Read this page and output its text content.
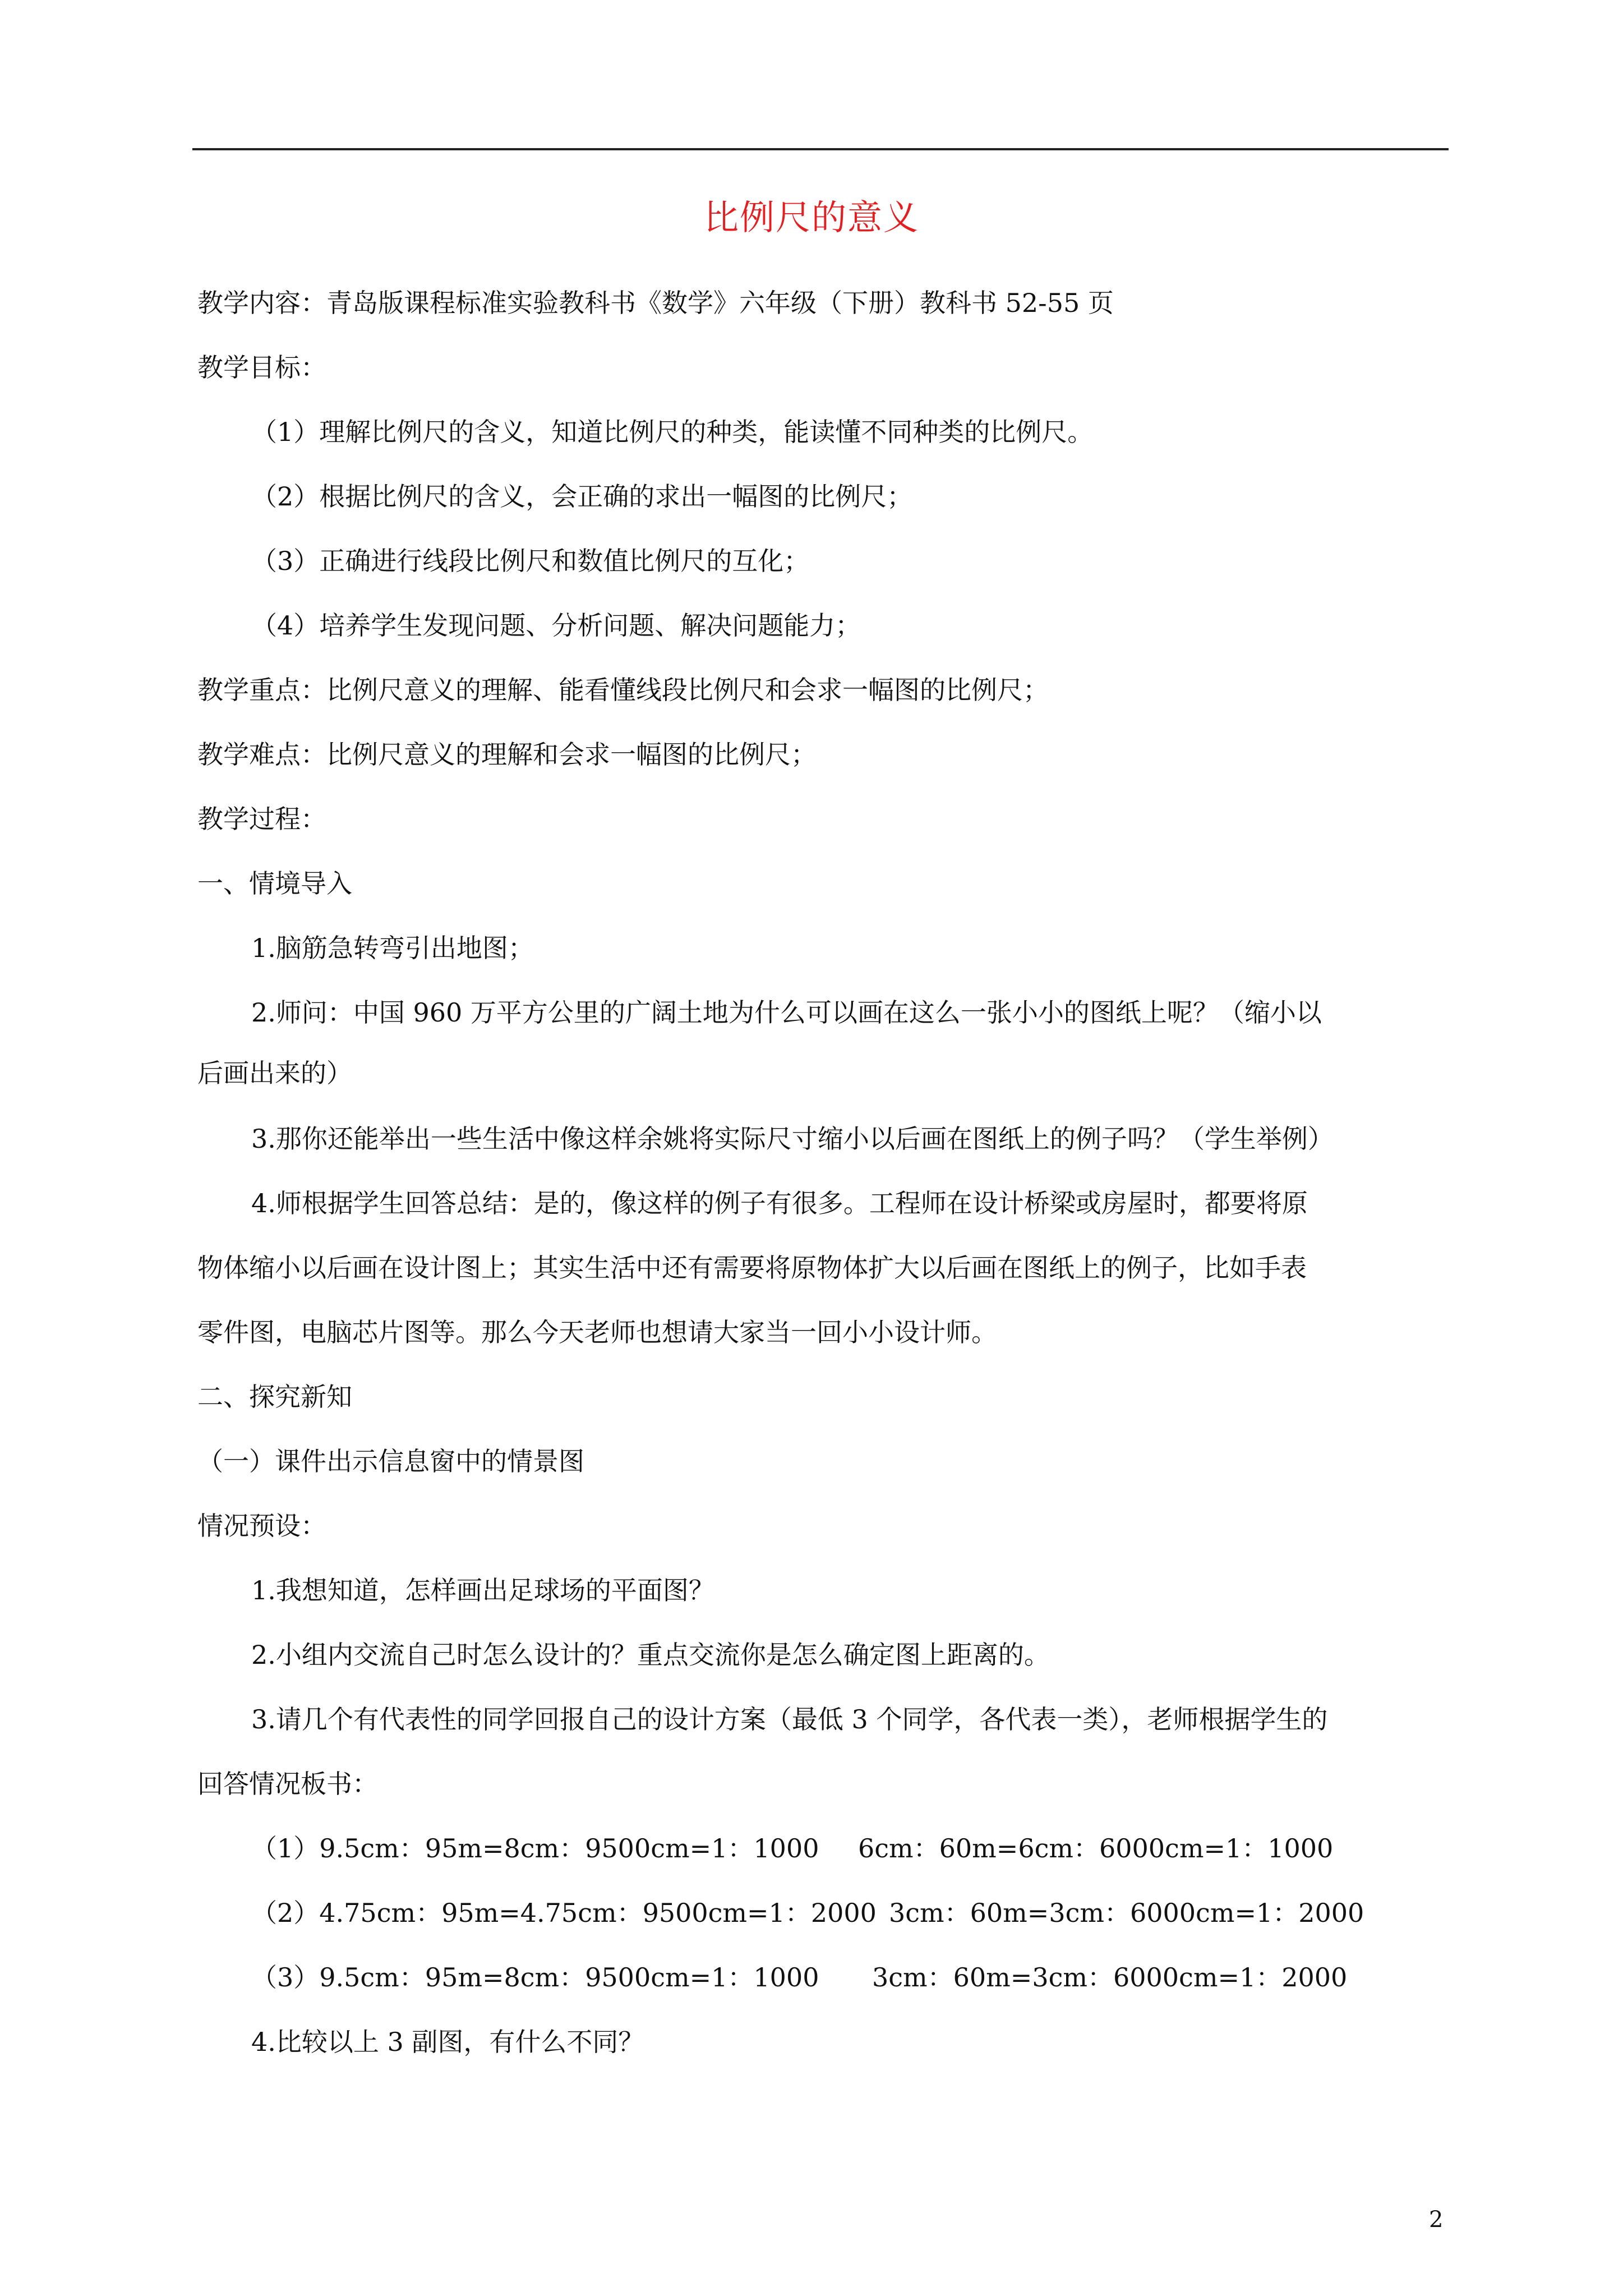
比例尺的意义
教学内容：青岛版课程标准实验教科书《数学》六年级（下册）教科书 52-55 页
教学目标：
（1）理解比例尺的含义，知道比例尺的种类，能读懂不同种类的比例尺。
（2）根据比例尺的含义，会正确的求出一幅图的比例尺；
（3）正确进行线段比例尺和数值比例尺的互化；
（4）培养学生发现问题、分析问题、解决问题能力；
教学重点：比例尺意义的理解、能看懂线段比例尺和会求一幅图的比例尺；
教学难点：比例尺意义的理解和会求一幅图的比例尺；
教学过程：
一、情境导入
1.脑筋急转弯引出地图；
2.师问：中国 960 万平方公里的广阔土地为什么可以画在这么一张小小的图纸上呢？（缩小以
后画出来的）
3.那你还能举出一些生活中像这样余姚将实际尺寸缩小以后画在图纸上的例子吗？（学生举例）
4.师根据学生回答总结：是的，像这样的例子有很多。工程师在设计桥梁或房屋时，都要将原
物体缩小以后画在设计图上；其实生活中还有需要将原物体扩大以后画在图纸上的例子，比如手表
零件图，电脑芯片图等。那么今天老师也想请大家当一回小小设计师。
二、探究新知
（一）课件出示信息窗中的情景图
情况预设：
1.我想知道，怎样画出足球场的平面图？
2.小组内交流自己时怎么设计的？重点交流你是怎么确定图上距离的。
3.请几个有代表性的同学回报自己的设计方案（最低 3 个同学，各代表一类），老师根据学生的
回答情况板书：
（1）9.5cm：95m=8cm：9500cm=1：1000 6cm：60m=6cm：6000cm=1：1000
（2）4.75cm：95m=4.75cm：9500cm=1：2000 3cm：60m=3cm：6000cm=1：2000
（3）9.5cm：95m=8cm：9500cm=1：1000 3cm：60m=3cm：6000cm=1：2000
4.比较以上 3 副图，有什么不同？
2
